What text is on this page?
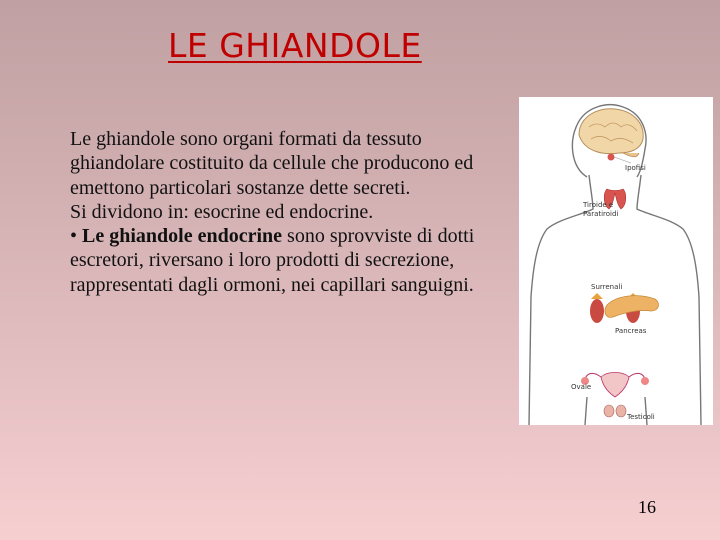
LE GHIANDOLE

Le ghiandole sono organi formati da tessuto ghiandolare costituito da cellule che producono ed emettono particolari sostanze dette secreti.

Si dividono in: esocrine ed endocrine.

• Le ghiandole endocrine sono sprovviste di dotti escretori, riversano i loro prodotti di secrezione, rappresentati dagli ormoni, nei capillari sanguigni.

Ipofisi
Tiroide e
Paratiroidi
Surrenali
Pancreas
Ovaie
Testicoli
16
